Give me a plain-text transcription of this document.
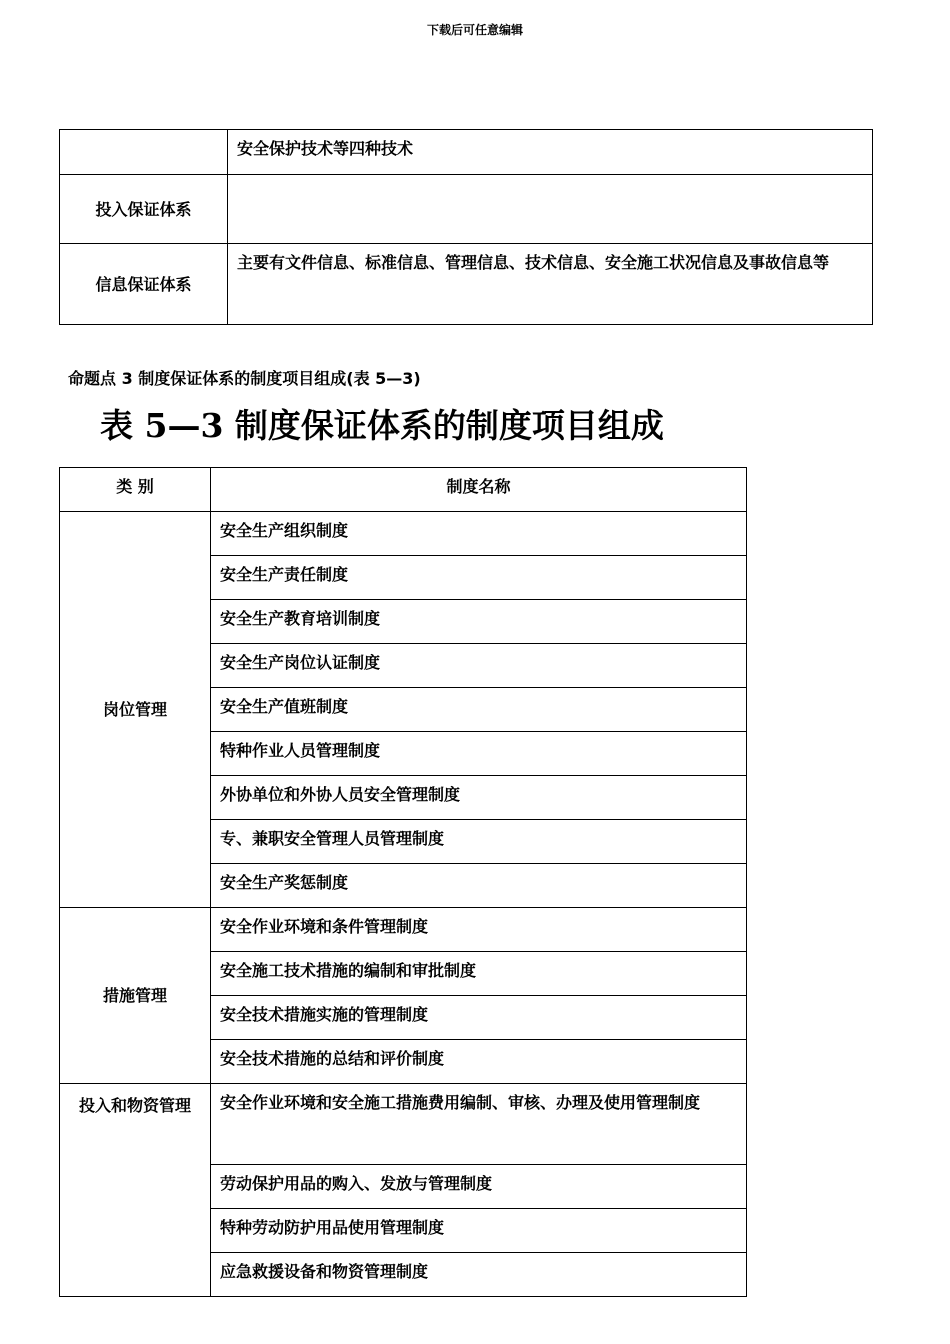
下载后可任意编辑
	安全保护技术等四种技术
投入保证体系	
信息保证体系	主要有文件信息、标准信息、管理信息、技术信息、安全施工状况信息及事故信息等
命题点 3 制度保证体系的制度项目组成(表 5—3)
表 5—3 制度保证体系的制度项目组成
类 别	制度名称
岗位管理	安全生产组织制度
	安全生产责任制度
	安全生产教育培训制度
	安全生产岗位认证制度
	安全生产值班制度
	特种作业人员管理制度
	外协单位和外协人员安全管理制度
	专、兼职安全管理人员管理制度
	安全生产奖惩制度
措施管理	安全作业环境和条件管理制度
	安全施工技术措施的编制和审批制度
	安全技术措施实施的管理制度
	安全技术措施的总结和评价制度
投入和物资管理	安全作业环境和安全施工措施费用编制、审核、办理及使用管理制度
	劳动保护用品的购入、发放与管理制度
	特种劳动防护用品使用管理制度
	应急救援设备和物资管理制度
